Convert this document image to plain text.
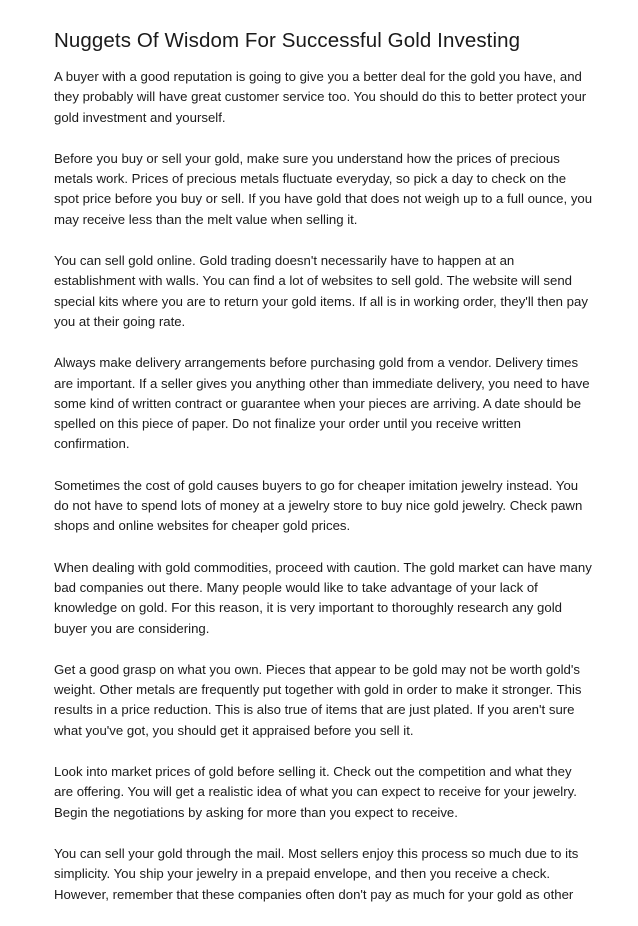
Nuggets Of Wisdom For Successful Gold Investing

A buyer with a good reputation is going to give you a better deal for the gold you have, and they probably will have great customer service too. You should do this to better protect your gold investment and yourself.

Before you buy or sell your gold, make sure you understand how the prices of precious metals work. Prices of precious metals fluctuate everyday, so pick a day to check on the spot price before you buy or sell. If you have gold that does not weigh up to a full ounce, you may receive less than the melt value when selling it.

You can sell gold online. Gold trading doesn't necessarily have to happen at an establishment with walls. You can find a lot of websites to sell gold. The website will send special kits where you are to return your gold items. If all is in working order, they'll then pay you at their going rate.

Always make delivery arrangements before purchasing gold from a vendor. Delivery times are important. If a seller gives you anything other than immediate delivery, you need to have some kind of written contract or guarantee when your pieces are arriving. A date should be spelled on this piece of paper. Do not finalize your order until you receive written confirmation.

Sometimes the cost of gold causes buyers to go for cheaper imitation jewelry instead. You do not have to spend lots of money at a jewelry store to buy nice gold jewelry. Check pawn shops and online websites for cheaper gold prices.

When dealing with gold commodities, proceed with caution. The gold market can have many bad companies out there. Many people would like to take advantage of your lack of knowledge on gold. For this reason, it is very important to thoroughly research any gold buyer you are considering.

Get a good grasp on what you own. Pieces that appear to be gold may not be worth gold's weight. Other metals are frequently put together with gold in order to make it stronger. This results in a price reduction. This is also true of items that are just plated. If you aren't sure what you've got, you should get it appraised before you sell it.

Look into market prices of gold before selling it. Check out the competition and what they are offering. You will get a realistic idea of what you can expect to receive for your jewelry. Begin the negotiations by asking for more than you expect to receive.

You can sell your gold through the mail. Most sellers enjoy this process so much due to its simplicity. You ship your jewelry in a prepaid envelope, and then you receive a check. However, remember that these companies often don't pay as much for your gold as other
